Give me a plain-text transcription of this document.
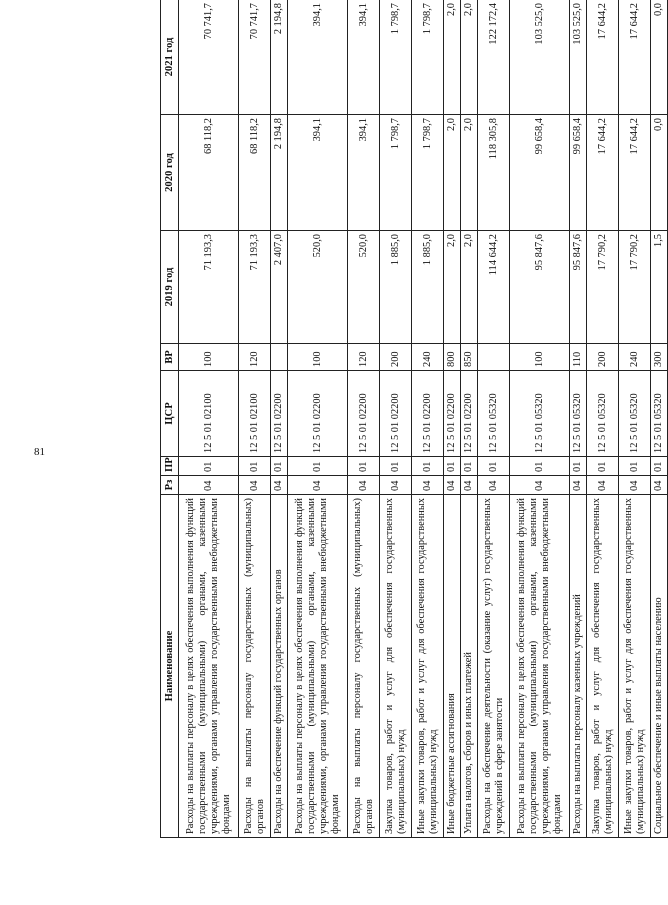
81
Наименование	Рз	ПР	ЦСР	ВР	2019 год	2020 год	2021 год
Расходы на выплаты персоналу в целях обеспечения выполнения функций государственными (муниципальными) органами, казенными учреждениями, органами управления государственными внебюджетными фондами	04	01	12 5 01 02100	100	71 193,3	68 118,2	70 741,7
Расходы на выплаты персоналу государственных (муниципальных) органов	04	01	12 5 01 02100	120	71 193,3	68 118,2	70 741,7
Расходы на обеспечение функций государственных органов	04	01	12 5 01 02200		2 407,0	2 194,8	2 194,8
Расходы на выплаты персоналу в целях обеспечения выполнения функций государственными (муниципальными) органами, казенными учреждениями, органами управления государственными внебюджетными фондами	04	01	12 5 01 02200	100	520,0	394,1	394,1
Расходы на выплаты персоналу государственных (муниципальных) органов	04	01	12 5 01 02200	120	520,0	394,1	394,1
Закупка товаров, работ и услуг для обеспечения государственных (муниципальных) нужд	04	01	12 5 01 02200	200	1 885,0	1 798,7	1 798,7
Иные закупки товаров, работ и услуг для обеспечения государственных (муниципальных) нужд	04	01	12 5 01 02200	240	1 885,0	1 798,7	1 798,7
Иные бюджетные ассигнования	04	01	12 5 01 02200	800	2,0	2,0	2,0
Уплата налогов, сборов и иных платежей	04	01	12 5 01 02200	850	2,0	2,0	2,0
Расходы на обеспечение деятельности (оказание услуг) государственных учреждений в сфере занятости	04	01	12 5 01 05320		114 644,2	118 305,8	122 172,4
Расходы на выплаты персоналу в целях обеспечения выполнения функций государственными (муниципальными) органами, казенными учреждениями, органами управления государственными внебюджетными фондами	04	01	12 5 01 05320	100	95 847,6	99 658,4	103 525,0
Расходы на выплаты персоналу казенных учреждений	04	01	12 5 01 05320	110	95 847,6	99 658,4	103 525,0
Закупка товаров, работ и услуг для обеспечения государственных (муниципальных) нужд	04	01	12 5 01 05320	200	17 790,2	17 644,2	17 644,2
Иные закупки товаров, работ и услуг для обеспечения государственных (муниципальных) нужд	04	01	12 5 01 05320	240	17 790,2	17 644,2	17 644,2
Социальное обеспечение и иные выплаты населению	04	01	12 5 01 05320	300	1,5	0,0	0,0
